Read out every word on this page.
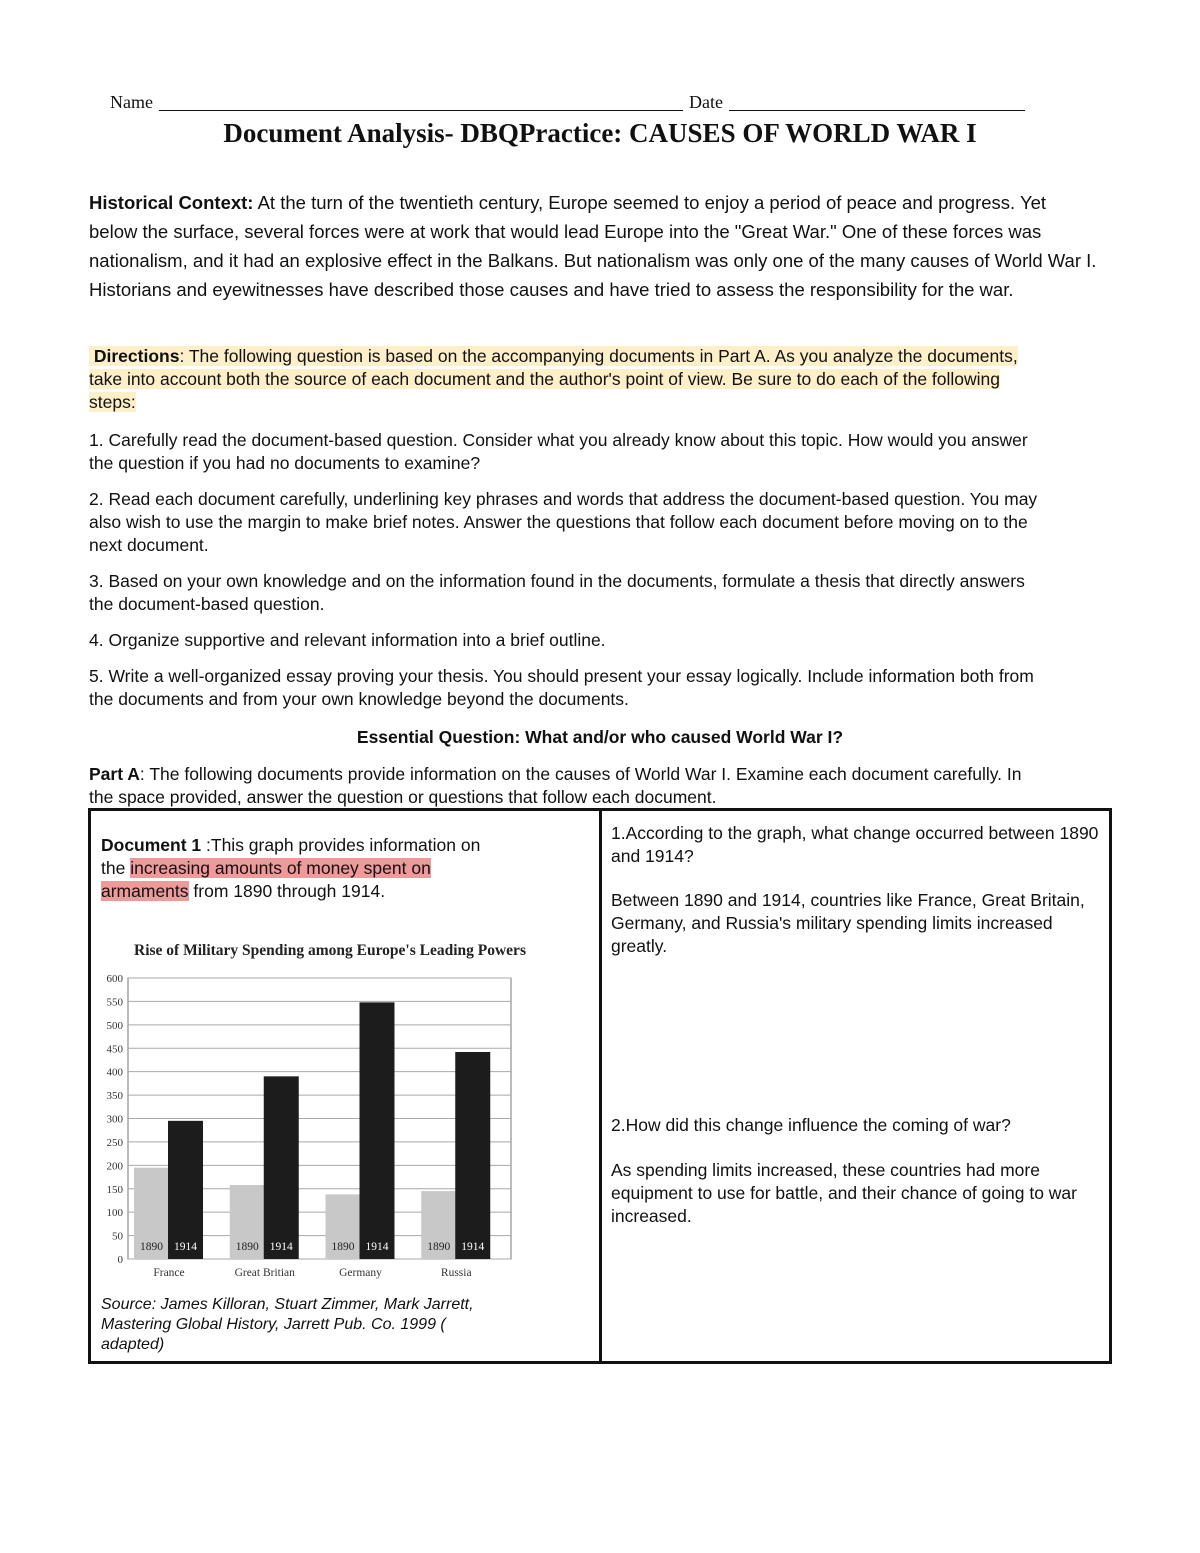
Name	Date
Document Analysis- DBQPractice: CAUSES OF WORLD WAR I
Historical Context: At the turn of the twentieth century, Europe seemed to enjoy a period of peace and progress. Yet below the surface, several forces were at work that would lead Europe into the "Great War." One of these forces was nationalism, and it had an explosive effect in the Balkans. But nationalism was only one of the many causes of World War I. Historians and eyewitnesses have described those causes and have tried to assess the responsibility for the war.
Directions: The following question is based on the accompanying documents in Part A. As you analyze the documents, take into account both the source of each document and the author's point of view. Be sure to do each of the following steps:

1. Carefully read the document-based question. Consider what you already know about this topic. How would you answer the question if you had no documents to examine?

2. Read each document carefully, underlining key phrases and words that address the document-based question. You may also wish to use the margin to make brief notes. Answer the questions that follow each document before moving on to the next document.

3. Based on your own knowledge and on the information found in the documents, formulate a thesis that directly answers the document-based question.

4. Organize supportive and relevant information into a brief outline.

5. Write a well-organized essay proving your thesis. You should present your essay logically. Include information both from the documents and from your own knowledge beyond the documents.

Essential Question: What and/or who caused World War I?
Part A: The following documents provide information on the causes of World War I. Examine each document carefully. In the space provided, answer the question or questions that follow each document.
Document 1 :This graph provides information on the increasing amounts of money spent on armaments from 1890 through 1914.
Rise of Military Spending among Europe's Leading Powers
0
50
100
150
200
250
300
350
400
450
500
550
600
1890 1914
France
1890 1914
Great Britian
1890 1914
Germany
1890 1914
Russia
Source: James Killoran, Stuart Zimmer, Mark Jarrett, Mastering Global History, Jarrett Pub. Co. 1999 ( adapted)
1.According to the graph, what change occurred between 1890 and 1914?
Between 1890 and 1914, countries like France, Great Britain, Germany, and Russia's military spending limits increased greatly.
2.How did this change influence the coming of war?
As spending limits increased, these countries had more equipment to use for battle, and their chance of going to war increased.
